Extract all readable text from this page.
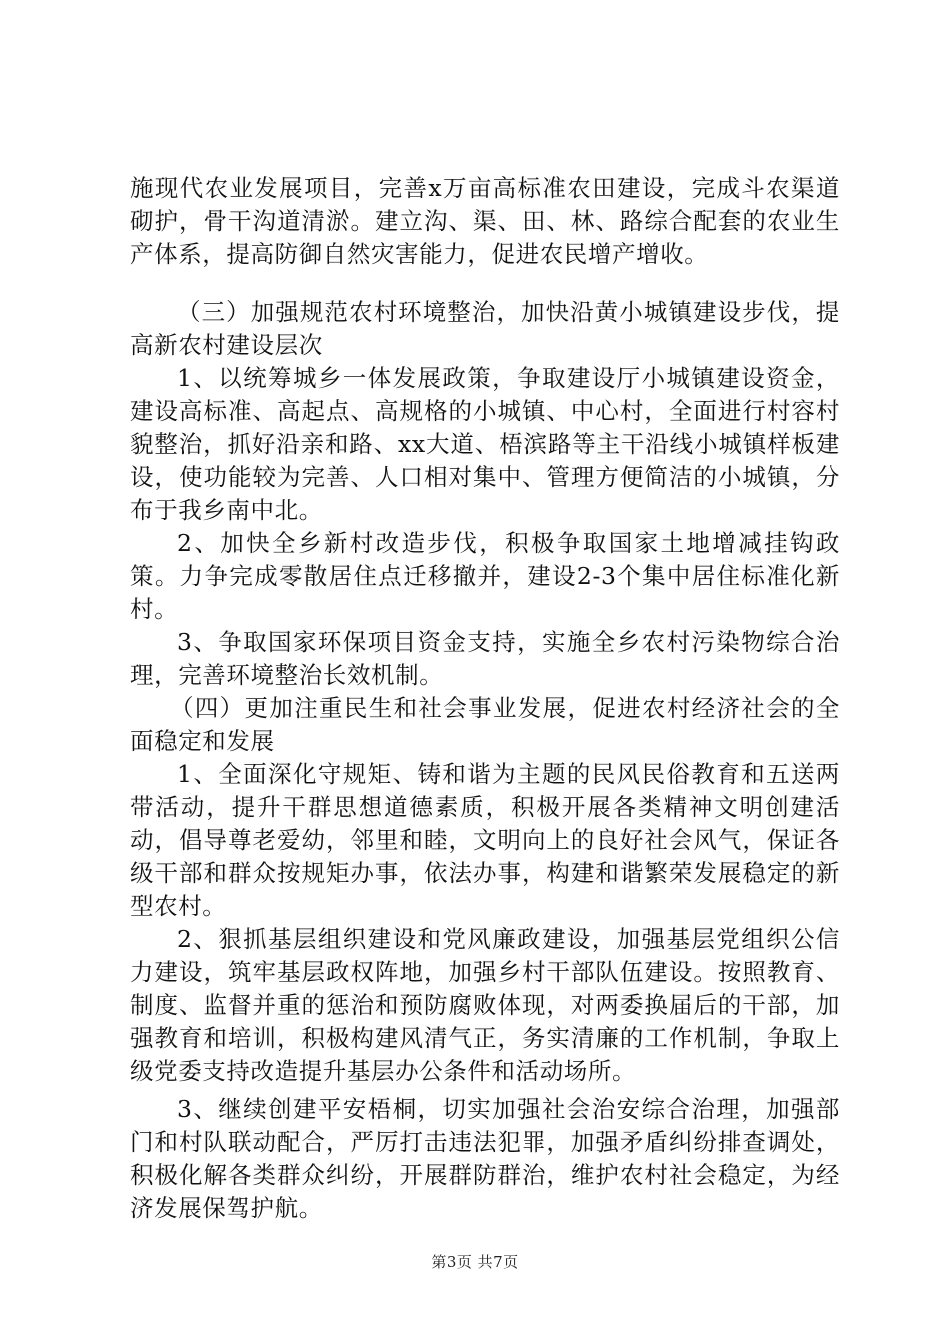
施现代农业发展项目，完善x万亩高标准农田建设，完成斗农渠道砌护，骨干沟道清淤。建立沟、渠、田、林、路综合配套的农业生产体系，提高防御自然灾害能力，促进农民增产增收。

（三）加强规范农村环境整治，加快沿黄小城镇建设步伐，提高新农村建设层次

1、以统筹城乡一体发展政策，争取建设厅小城镇建设资金，建设高标准、高起点、高规格的小城镇、中心村，全面进行村容村貌整治，抓好沿亲和路、xx大道、梧滨路等主干沿线小城镇样板建设，使功能较为完善、人口相对集中、管理方便简洁的小城镇，分布于我乡南中北。

2、加快全乡新村改造步伐，积极争取国家土地增减挂钩政策。力争完成零散居住点迁移撤并，建设2-3个集中居住标准化新村。

3、争取国家环保项目资金支持，实施全乡农村污染物综合治理，完善环境整治长效机制。

（四）更加注重民生和社会事业发展，促进农村经济社会的全面稳定和发展

1、全面深化守规矩、铸和谐为主题的民风民俗教育和五送两带活动，提升干群思想道德素质，积极开展各类精神文明创建活动，倡导尊老爱幼，邻里和睦，文明向上的良好社会风气，保证各级干部和群众按规矩办事，依法办事，构建和谐繁荣发展稳定的新型农村。

2、狠抓基层组织建设和党风廉政建设，加强基层党组织公信力建设，筑牢基层政权阵地，加强乡村干部队伍建设。按照教育、制度、监督并重的惩治和预防腐败体现，对两委换届后的干部，加强教育和培训，积极构建风清气正，务实清廉的工作机制，争取上级党委支持改造提升基层办公条件和活动场所。

3、继续创建平安梧桐，切实加强社会治安综合治理，加强部门和村队联动配合，严厉打击违法犯罪，加强矛盾纠纷排查调处，积极化解各类群众纠纷，开展群防群治，维护农村社会稳定，为经济发展保驾护航。

第3页 共7页
